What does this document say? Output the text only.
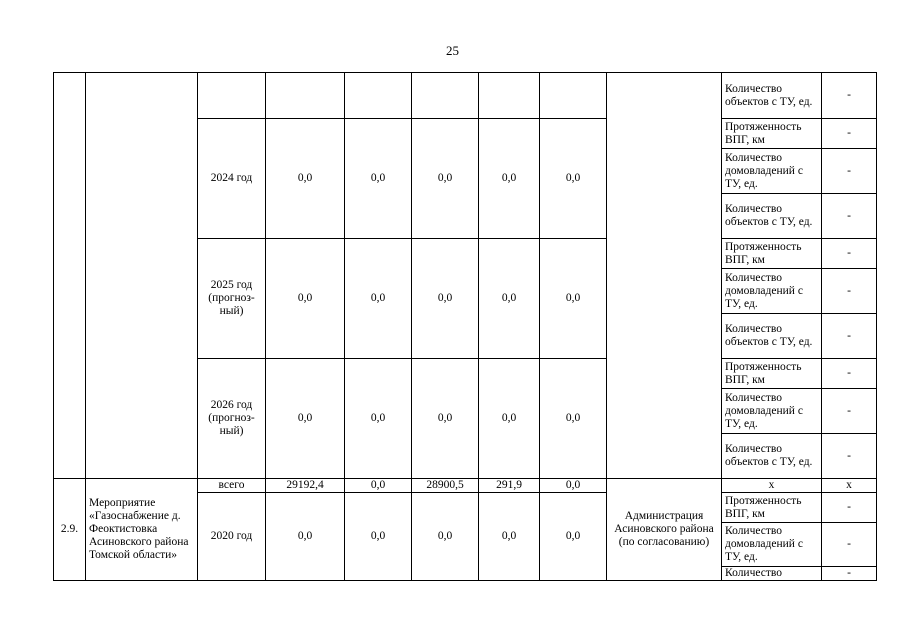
25
									Количество объектов с ТУ, ед.	-
		2024 год	0,0	0,0	0,0	0,0	0,0		Протяженность ВПГ, км	-
									Количество домовладений с ТУ, ед.	-
									Количество объектов с ТУ, ед.	-
		2025 год (прогноз-ный)	0,0	0,0	0,0	0,0	0,0		Протяженность ВПГ, км	-
									Количество домовладений с ТУ, ед.	-
									Количество объектов с ТУ, ед.	-
		2026 год (прогноз-ный)	0,0	0,0	0,0	0,0	0,0		Протяженность ВПГ, км	-
									Количество домовладений с ТУ, ед.	-
									Количество объектов с ТУ, ед.	-
2.9.	Мероприятие «Газоснабжение д. Феоктистовка Асиновского района Томской области»	всего	29192,4	0,0	28900,5	291,9	0,0	Администрация Асиновского района (по согласованию)	х	х
		2020 год	0,0	0,0	0,0	0,0	0,0		Протяженность ВПГ, км	-
									Количество домовладений с ТУ, ед.	-
									Количество	-
